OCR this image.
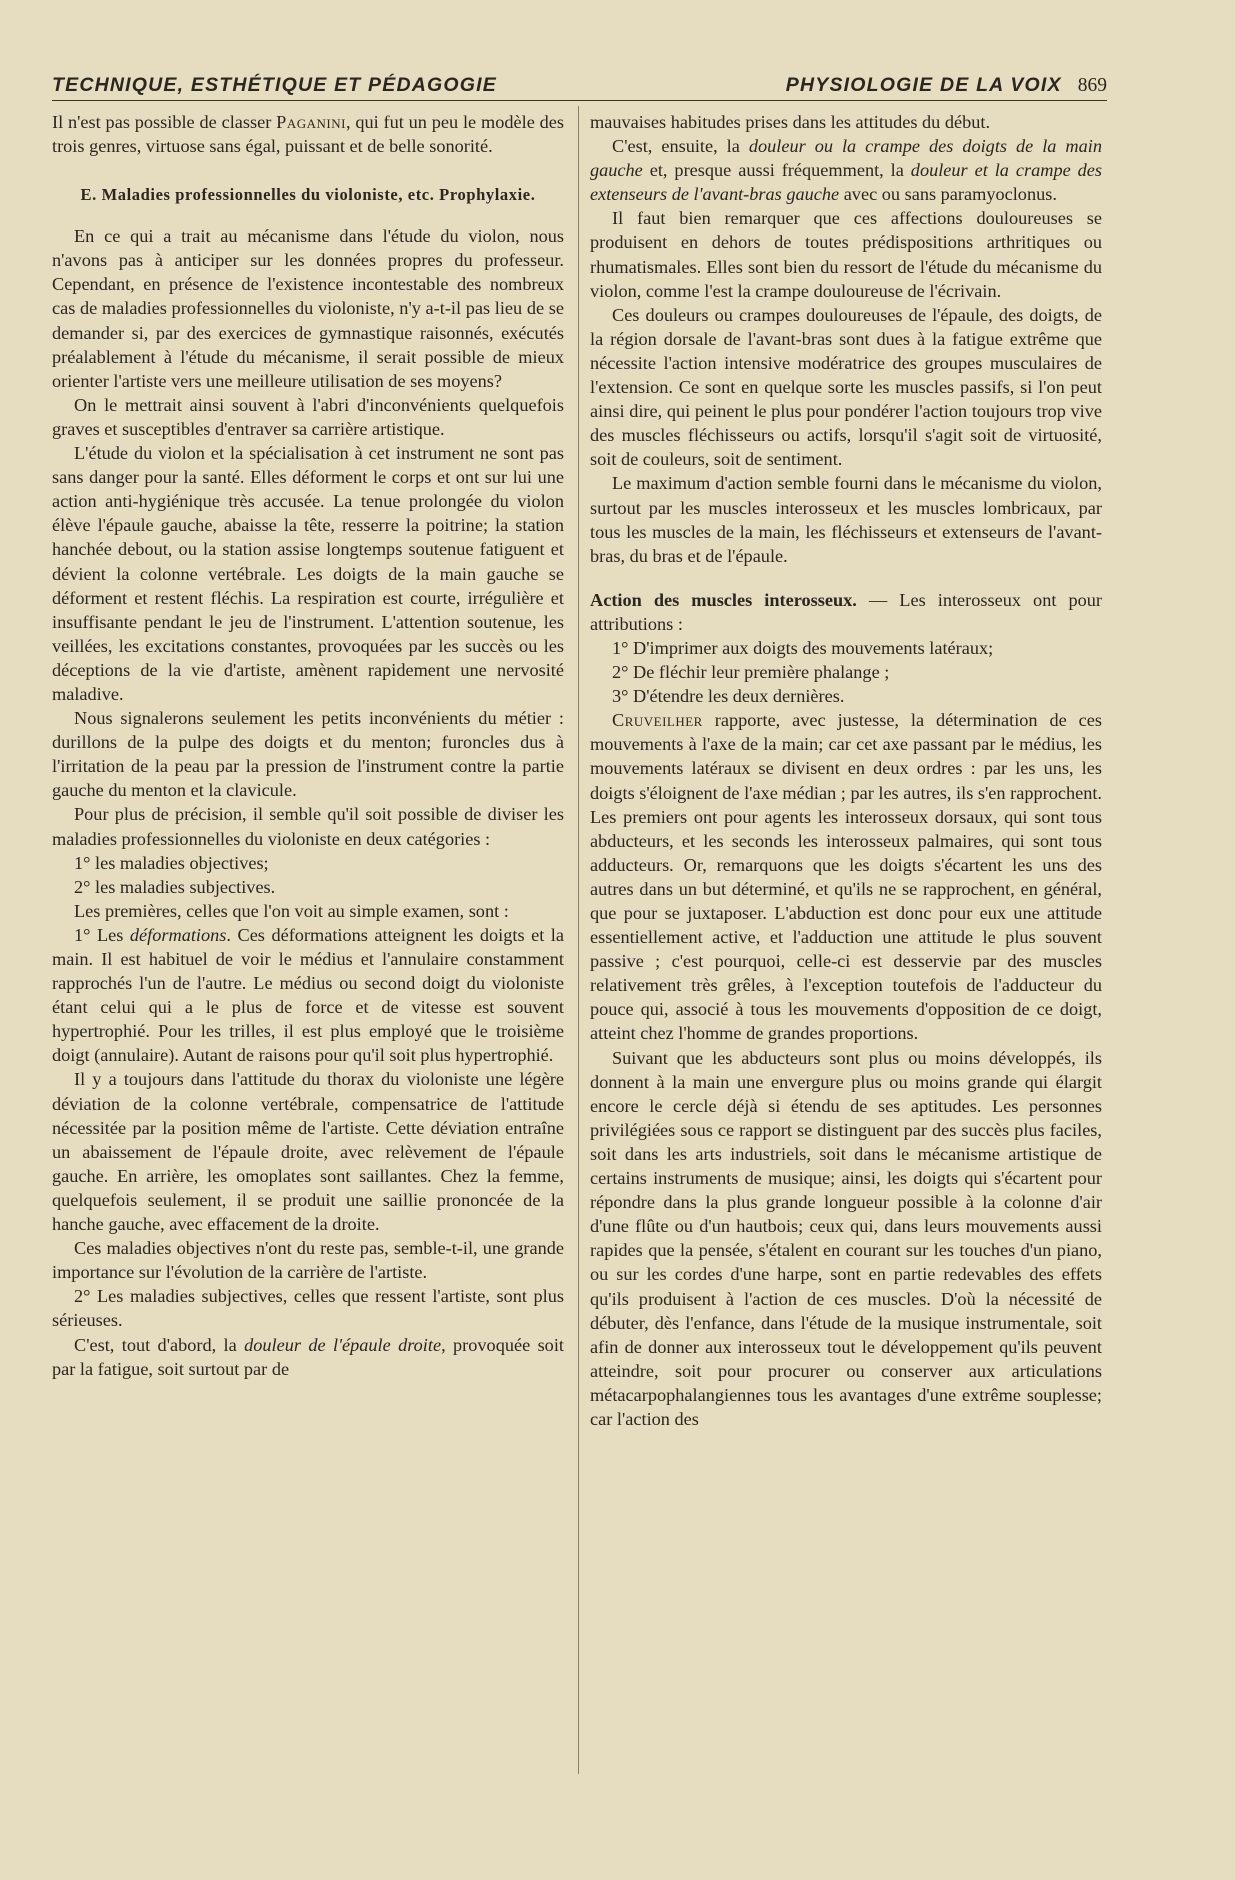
TECHNIQUE, ESTHÉTIQUE ET PÉDAGOGIE	PHYSIOLOGIE DE LA VOIX 869

Il n'est pas possible de classer Paganini, qui fut un peu le modèle des trois genres, virtuose sans égal, puissant et de belle sonorité.

E. Maladies professionnelles du violoniste, etc. Prophylaxie.

En ce qui a trait au mécanisme dans l'étude du violon, nous n'avons pas à anticiper sur les données propres du professeur. Cependant, en présence de l'existence incontestable des nombreux cas de maladies professionnelles du violoniste, n'y a-t-il pas lieu de se demander si, par des exercices de gymnastique raisonnés, exécutés préalablement à l'étude du mécanisme, il serait possible de mieux orienter l'artiste vers une meilleure utilisation de ses moyens?

On le mettrait ainsi souvent à l'abri d'inconvénients quelquefois graves et susceptibles d'entraver sa carrière artistique.

L'étude du violon et la spécialisation à cet instrument ne sont pas sans danger pour la santé. Elles déforment le corps et ont sur lui une action anti-hygiénique très accusée. La tenue prolongée du violon élève l'épaule gauche, abaisse la tête, resserre la poitrine; la station hanchée debout, ou la station assise longtemps soutenue fatiguent et dévient la colonne vertébrale. Les doigts de la main gauche se déforment et restent fléchis. La respiration est courte, irrégulière et insuffisante pendant le jeu de l'instrument. L'attention soutenue, les veillées, les excitations constantes, provoquées par les succès ou les déceptions de la vie d'artiste, amènent rapidement une nervosité maladive.

Nous signalerons seulement les petits inconvénients du métier : durillons de la pulpe des doigts et du menton; furoncles dus à l'irritation de la peau par la pression de l'instrument contre la partie gauche du menton et la clavicule.

Pour plus de précision, il semble qu'il soit possible de diviser les maladies professionnelles du violoniste en deux catégories :

1° les maladies objectives;

2° les maladies subjectives.

Les premières, celles que l'on voit au simple examen, sont :

1° Les déformations. Ces déformations atteignent les doigts et la main. Il est habituel de voir le médius et l'annulaire constamment rapprochés l'un de l'autre. Le médius ou second doigt du violoniste étant celui qui a le plus de force et de vitesse est souvent hypertrophié. Pour les trilles, il est plus employé que le troisième doigt (annulaire). Autant de raisons pour qu'il soit plus hypertrophié.

Il y a toujours dans l'attitude du thorax du violoniste une légère déviation de la colonne vertébrale, compensatrice de l'attitude nécessitée par la position même de l'artiste. Cette déviation entraîne un abaissement de l'épaule droite, avec relèvement de l'épaule gauche. En arrière, les omoplates sont saillantes. Chez la femme, quelquefois seulement, il se produit une saillie prononcée de la hanche gauche, avec effacement de la droite.

Ces maladies objectives n'ont du reste pas, semble-t-il, une grande importance sur l'évolution de la carrière de l'artiste.

2° Les maladies subjectives, celles que ressent l'artiste, sont plus sérieuses.

C'est, tout d'abord, la douleur de l'épaule droite, provoquée soit par la fatigue, soit surtout par de

mauvaises habitudes prises dans les attitudes du début.

C'est, ensuite, la douleur ou la crampe des doigts de la main gauche et, presque aussi fréquemment, la douleur et la crampe des extenseurs de l'avant-bras gauche avec ou sans paramyoclonus.

Il faut bien remarquer que ces affections douloureuses se produisent en dehors de toutes prédispositions arthritiques ou rhumatismales. Elles sont bien du ressort de l'étude du mécanisme du violon, comme l'est la crampe douloureuse de l'écrivain.

Ces douleurs ou crampes douloureuses de l'épaule, des doigts, de la région dorsale de l'avant-bras sont dues à la fatigue extrême que nécessite l'action intensive modératrice des groupes musculaires de l'extension. Ce sont en quelque sorte les muscles passifs, si l'on peut ainsi dire, qui peinent le plus pour pondérer l'action toujours trop vive des muscles fléchisseurs ou actifs, lorsqu'il s'agit soit de virtuosité, soit de couleurs, soit de sentiment.

Le maximum d'action semble fourni dans le mécanisme du violon, surtout par les muscles interosseux et les muscles lombricaux, par tous les muscles de la main, les fléchisseurs et extenseurs de l'avant-bras, du bras et de l'épaule.

Action des muscles interosseux. — Les interosseux ont pour attributions :

1° D'imprimer aux doigts des mouvements latéraux;

2° De fléchir leur première phalange ;

3° D'étendre les deux dernières.

Cruveilher rapporte, avec justesse, la détermination de ces mouvements à l'axe de la main; car cet axe passant par le médius, les mouvements latéraux se divisent en deux ordres : par les uns, les doigts s'éloignent de l'axe médian ; par les autres, ils s'en rapprochent. Les premiers ont pour agents les interosseux dorsaux, qui sont tous abducteurs, et les seconds les interosseux palmaires, qui sont tous adducteurs. Or, remarquons que les doigts s'écartent les uns des autres dans un but déterminé, et qu'ils ne se rapprochent, en général, que pour se juxtaposer. L'abduction est donc pour eux une attitude essentiellement active, et l'adduction une attitude le plus souvent passive ; c'est pourquoi, celle-ci est desservie par des muscles relativement très grêles, à l'exception toutefois de l'adducteur du pouce qui, associé à tous les mouvements d'opposition de ce doigt, atteint chez l'homme de grandes proportions.

Suivant que les abducteurs sont plus ou moins développés, ils donnent à la main une envergure plus ou moins grande qui élargit encore le cercle déjà si étendu de ses aptitudes. Les personnes privilégiées sous ce rapport se distinguent par des succès plus faciles, soit dans les arts industriels, soit dans le mécanisme artistique de certains instruments de musique; ainsi, les doigts qui s'écartent pour répondre dans la plus grande longueur possible à la colonne d'air d'une flûte ou d'un hautbois; ceux qui, dans leurs mouvements aussi rapides que la pensée, s'étalent en courant sur les touches d'un piano, ou sur les cordes d'une harpe, sont en partie redevables des effets qu'ils produisent à l'action de ces muscles. D'où la nécessité de débuter, dès l'enfance, dans l'étude de la musique instrumentale, soit afin de donner aux interosseux tout le développement qu'ils peuvent atteindre, soit pour procurer ou conserver aux articulations métacarpophalangiennes tous les avantages d'une extrême souplesse; car l'action des
